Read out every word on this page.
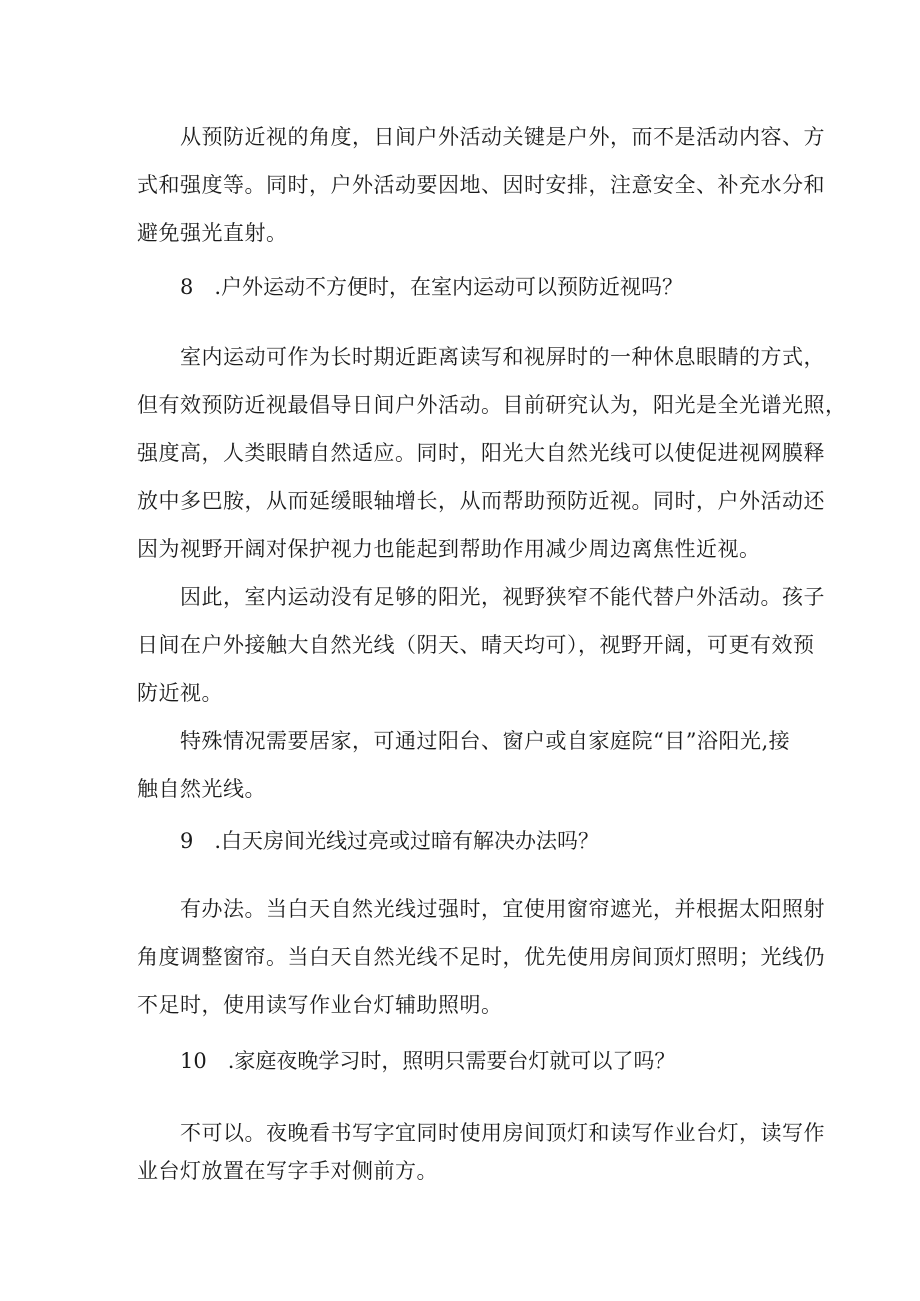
从预防近视的角度，日间户外活动关键是户外，而不是活动内容、方
式和强度等。同时，户外活动要因地、因时安排，注意安全、补充水分和
避免强光直射。
8　.户外运动不方便时，在室内运动可以预防近视吗？
室内运动可作为长时期近距离读写和视屏时的一种休息眼睛的方式，
但有效预防近视最倡导日间户外活动。目前研究认为，阳光是全光谱光照，
强度高，人类眼睛自然适应。同时，阳光大自然光线可以使促进视网膜释
放中多巴胺，从而延缓眼轴增长，从而帮助预防近视。同时，户外活动还
因为视野开阔对保护视力也能起到帮助作用减少周边离焦性近视。
因此，室内运动没有足够的阳光，视野狭窄不能代替户外活动。孩子
日间在户外接触大自然光线（阴天、晴天均可），视野开阔，可更有效预
防近视。
特殊情况需要居家，可通过阳台、窗户或自家庭院“目”浴阳光,接
触自然光线。
9　.白天房间光线过亮或过暗有解决办法吗？
有办法。当白天自然光线过强时，宜使用窗帘遮光，并根据太阳照射
角度调整窗帘。当白天自然光线不足时，优先使用房间顶灯照明；光线仍
不足时，使用读写作业台灯辅助照明。
10　.家庭夜晚学习时，照明只需要台灯就可以了吗？
不可以。夜晚看书写字宜同时使用房间顶灯和读写作业台灯，读写作
业台灯放置在写字手对侧前方。
